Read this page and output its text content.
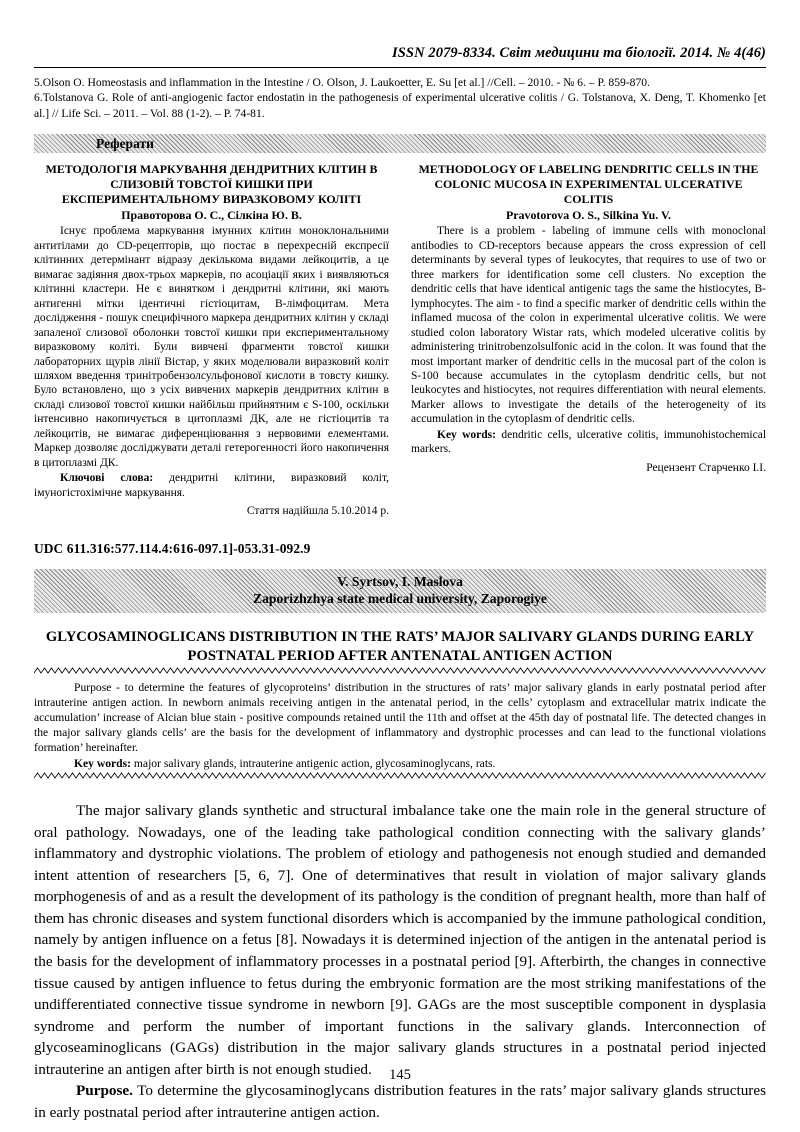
ISSN 2079-8334. Світ медицини та біології. 2014. № 4(46)

5.Olson O. Homeostasis and inflammation in the Intestine / O. Olson, J. Laukoetter, E. Su [et al.] //Cell. – 2010. - № 6. – P. 859-870.

6.Tolstanova G. Role of anti-angiogenic factor endostatin in the pathogenesis of experimental ulcerative colitis / G. Tolstanova, X. Deng, T. Khomenko [et al.] // Life Sci. – 2011. – Vol. 88 (1-2). – P. 74-81.

Реферати
МЕТОДОЛОГІЯ МАРКУВАННЯ ДЕНДРИТНИХ КЛІТИН В СЛИЗОВІЙ ТОВСТОЇ КИШКИ ПРИ ЕКСПЕРИМЕНТАЛЬНОМУ ВИРАЗКОВОМУ КОЛІТІ
Правоторова О. С., Сілкіна Ю. В.
Існує проблема маркування імунних клітин моноклональними антитілами до CD-рецепторів, що постає в перехресній експресії клітинних детермінант відразу декількома видами лейкоцитів, а це вимагає задіяння двох-трьох маркерів, по асоціації яких і виявляються клітинні кластери. Не є винятком і дендритні клітини, які мають антигенні мітки ідентичні гістіоцитам, В-лімфоцитам. Мета дослідження - пошук специфічного маркера дендритних клітин у складі запаленої слизової оболонки товстої кишки при експериментальному виразковому коліті. Були вивчені фрагменти товстої кишки лабораторних щурів лінії Вістар, у яких моделювали виразковий коліт шляхом введення тринітробензолсульфонової кислоти в товсту кишку. Було встановлено, що з усіх вивчених маркерів дендритних клітин в складі слизової товстої кишки найбільш прийнятним є S-100, оскільки інтенсивно накопичується в цитоплазмі ДК, але не гістіоцитів та лейкоцитів, не вимагає диференціювання з нервовими елементами. Маркер дозволяє досліджувати деталі гетерогенності його накопичення в цитоплазмі ДК.
Ключові слова: дендритні клітини, виразковий коліт, імуногістохімічне маркування.
Стаття надійшла 5.10.2014 р.
METHODOLOGY OF LABELING DENDRITIC CELLS IN THE COLONIC MUCOSA IN EXPERIMENTAL ULCERATIVE COLITIS
Pravotorova O. S., Silkina Yu. V.
There is a problem - labeling of immune cells with monoclonal antibodies to CD-receptors because appears the cross expression of cell determinants by several types of leukocytes, that requires to use of two or three markers for identification some cell clusters. No exception the dendritic cells that have identical antigenic tags the same the histiocytes, B-lymphocytes. The aim - to find a specific marker of dendritic cells within the inflamed mucosa of the colon in experimental ulcerative colitis. We were studied colon laboratory Wistar rats, which modeled ulcerative colitis by administering trinitrobenzolsulfonic acid in the colon. It was found that the most important marker of dendritic cells in the mucosal part of the colon is S-100 because accumulates in the cytoplasm dendritic cells, but not leukocytes and histiocytes, not requires differentiation with neural elements. Marker allows to investigate the details of the heterogeneity of its accumulation in the cytoplasm of dendritic cells.
Key words: dendritic cells, ulcerative colitis, immunohistochemical markers.
Рецензент Старченко І.І.
UDC 611.316:577.114.4:616-097.1]-053.31-092.9
V. Syrtsov, I. Maslova
Zaporizhzhya state medical university, Zaporogiye
GLYCOSAMINOGLICANS DISTRIBUTION IN THE RATS’ MAJOR SALIVARY GLANDS DURING EARLY POSTNATAL PERIOD AFTER ANTENATAL ANTIGEN ACTION
Purpose - to determine the features of glycoproteins’ distribution in the structures of rats’ major salivary glands in early postnatal period after intrauterine antigen action. In newborn animals receiving antigen in the antenatal period, in the cells’ cytoplasm and extracellular matrix indicate the accumulation’ increase of Alcian blue stain - positive compounds retained until the 11th and offset at the 45th day of postnatal life. The detected changes in the major salivary glands cells’ are the basis for the development of inflammatory and dystrophic processes and can lead to the functional violations formation’ hereinafter.
Key words: major salivary glands, intrauterine antigenic action, glycosaminoglycans, rats.
The major salivary glands synthetic and structural imbalance take one the main role in the general structure of oral pathology. Nowadays, one of the leading take pathological condition connecting with the salivary glands’ inflammatory and dystrophic violations. The problem of etiology and pathogenesis not enough studied and demanded intent attention of researchers [5, 6, 7]. One of determinatives that result in violation of major salivary glands morphogenesis of and as a result the development of its pathology is the condition of pregnant health, more than half of them has chronic diseases and system functional disorders which is accompanied by the immune pathological condition, namely by antigen influence on a fetus [8]. Nowadays it is determined injection of the antigen in the antenatal period is the basis for the development of inflammatory processes in a postnatal period [9]. Afterbirth, the changes in connective tissue caused by antigen influence to fetus during the embryonic formation are the most striking manifestations of the undifferentiated connective tissue syndrome in newborn [9]. GAGs are the most susceptible component in dysplasia syndrome and perform the number of important functions in the salivary glands. Interconnection of glycoseaminoglicans (GAGs) distribution in the major salivary glands structures in a postnatal period injected intrauterine an antigen after birth is not enough studied.
Purpose. To determine the glycosaminoglycans distribution features in the rats’ major salivary glands structures in early postnatal period after intrauterine antigen action.
145
